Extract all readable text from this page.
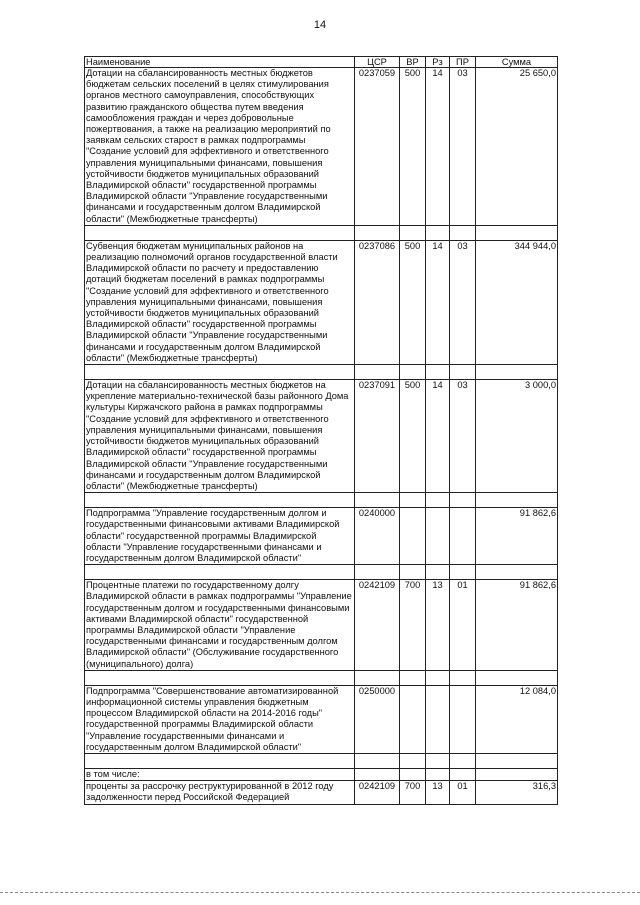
14
Наименование	ЦСР	ВР	Рз	ПР	Сумма
Дотации на сбалансированность местных бюджетов бюджетам сельских поселений в целях стимулирования органов местного самоуправления, способствующих развитию гражданского общества путем введения самообложения граждан и через добровольные пожертвования, а также на реализацию мероприятий по заявкам сельских старост в рамках подпрограммы "Создание условий для эффективного и ответственного управления муниципальными финансами, повышения устойчивости бюджетов муниципальных образований Владимирской области" государственной программы Владимирской области "Управление государственными финансами и государственным долгом Владимирской области" (Межбюджетные трансферты)	0237059	500	14	03	25 650,0

Субвенция бюджетам муниципальных районов на реализацию полномочий органов государственной власти Владимирской области по расчету и предоставлению дотаций бюджетам поселений в рамках подпрограммы "Создание условий для эффективного и ответственного управления муниципальными финансами, повышения устойчивости бюджетов муниципальных образований Владимирской области" государственной программы Владимирской области "Управление государственными финансами и государственным долгом Владимирской области" (Межбюджетные трансферты)	0237086	500	14	03	344 944,0

Дотации на сбалансированность местных бюджетов на укрепление материально-технической базы районного Дома культуры Киржачского района в рамках подпрограммы "Создание условий для эффективного и ответственного управления муниципальными финансами, повышения устойчивости бюджетов муниципальных образований Владимирской области" государственной программы Владимирской области "Управление государственными финансами и государственным долгом Владимирской области" (Межбюджетные трансферты)	0237091	500	14	03	3 000,0

Подпрограмма "Управление государственным долгом и государственными финансовыми активами Владимирской области" государственной программы Владимирской области "Управление государственными финансами и государственным долгом Владимирской области"	0240000				91 862,6

Процентные платежи по государственному долгу Владимирской области в рамках подпрограммы "Управление государственным долгом и государственными финансовыми активами Владимирской области" государственной программы Владимирской области "Управление государственными финансами и государственным долгом Владимирской области" (Обслуживание государственного (муниципального) долга)	0242109	700	13	01	91 862,6

Подпрограмма "Совершенствование автоматизированной информационной системы управления бюджетным процессом Владимирской области на 2014-2016 годы" государственной программы Владимирской области "Управление государственными финансами и государственным долгом Владимирской области"	0250000				12 084,0

в том числе:					
проценты за рассрочку реструктурированной в 2012 году задолженности перед Российской Федерацией	0242109	700	13	01	316,3
